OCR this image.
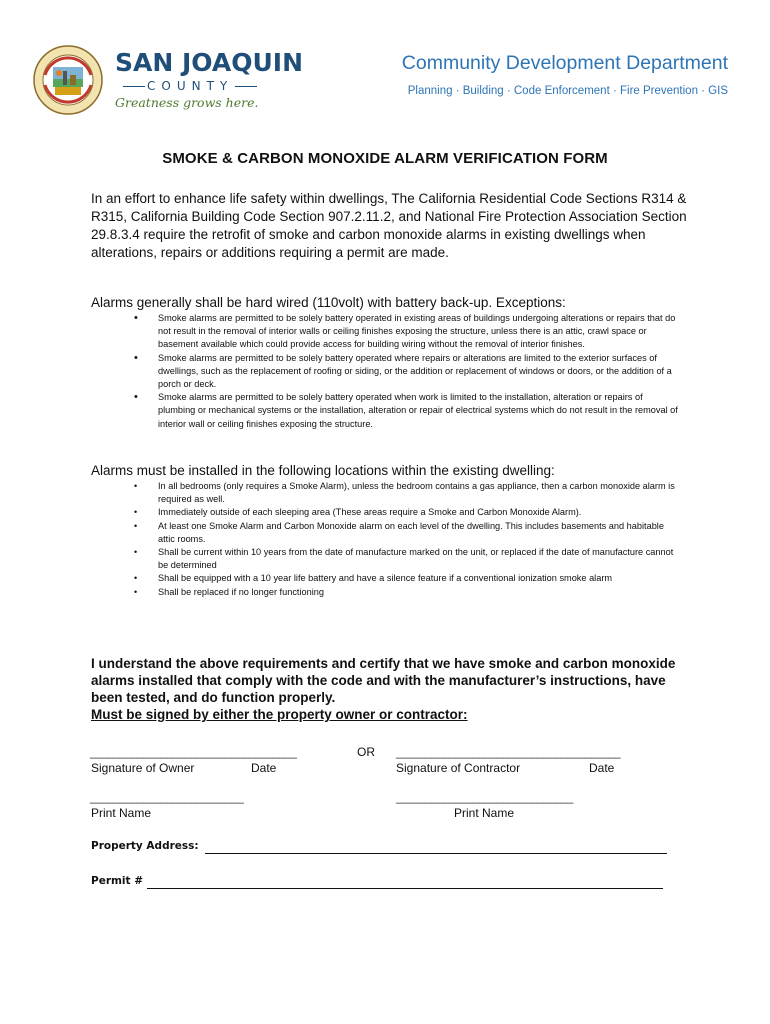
SAN JOAQUIN
COUNTY
Greatness grows here.
Community Development Department
Planning · Building · Code Enforcement · Fire Prevention · GIS
SMOKE & CARBON MONOXIDE ALARM VERIFICATION FORM
In an effort to enhance life safety within dwellings, The California Residential Code Sections R314 & R315, California Building Code Section 907.2.11.2, and National Fire Protection Association Section 29.8.3.4 require the retrofit of smoke and carbon monoxide alarms in existing dwellings when alterations, repairs or additions requiring a permit are made.
Alarms generally shall be hard wired (110volt) with battery back-up. Exceptions:
• Smoke alarms are permitted to be solely battery operated in existing areas of buildings undergoing alterations or repairs that do not result in the removal of interior walls or ceiling finishes exposing the structure, unless there is an attic, crawl space or basement available which could provide access for building wiring without the removal of interior finishes.
• Smoke alarms are permitted to be solely battery operated where repairs or alterations are limited to the exterior surfaces of dwellings, such as the replacement of roofing or siding, or the addition or replacement of windows or doors, or the addition of a porch or deck.
• Smoke alarms are permitted to be solely battery operated when work is limited to the installation, alteration or repairs of plumbing or mechanical systems or the installation, alteration or repair of electrical systems which do not result in the removal of interior wall or ceiling finishes exposing the structure.
Alarms must be installed in the following locations within the existing dwelling:
• In all bedrooms (only requires a Smoke Alarm), unless the bedroom contains a gas appliance, then a carbon monoxide alarm is required as well.
• Immediately outside of each sleeping area (These areas require a Smoke and Carbon Monoxide Alarm).
• At least one Smoke Alarm and Carbon Monoxide alarm on each level of the dwelling. This includes basements and habitable attic rooms.
• Shall be current within 10 years from the date of manufacture marked on the unit, or replaced if the date of manufacture cannot be determined
• Shall be equipped with a 10 year life battery and have a silence feature if a conventional ionization smoke alarm
• Shall be replaced if no longer functioning
I understand the above requirements and certify that we have smoke and carbon monoxide alarms installed that comply with the code and with the manufacturer’s instructions, have been tested, and do function properly.
Must be signed by either the property owner or contractor:
___________________________________	OR ______________________________________
Signature of Owner	Date	Signature of Contractor	Date
__________________________	______________________________
Print Name	Print Name
Property Address:
Permit #
